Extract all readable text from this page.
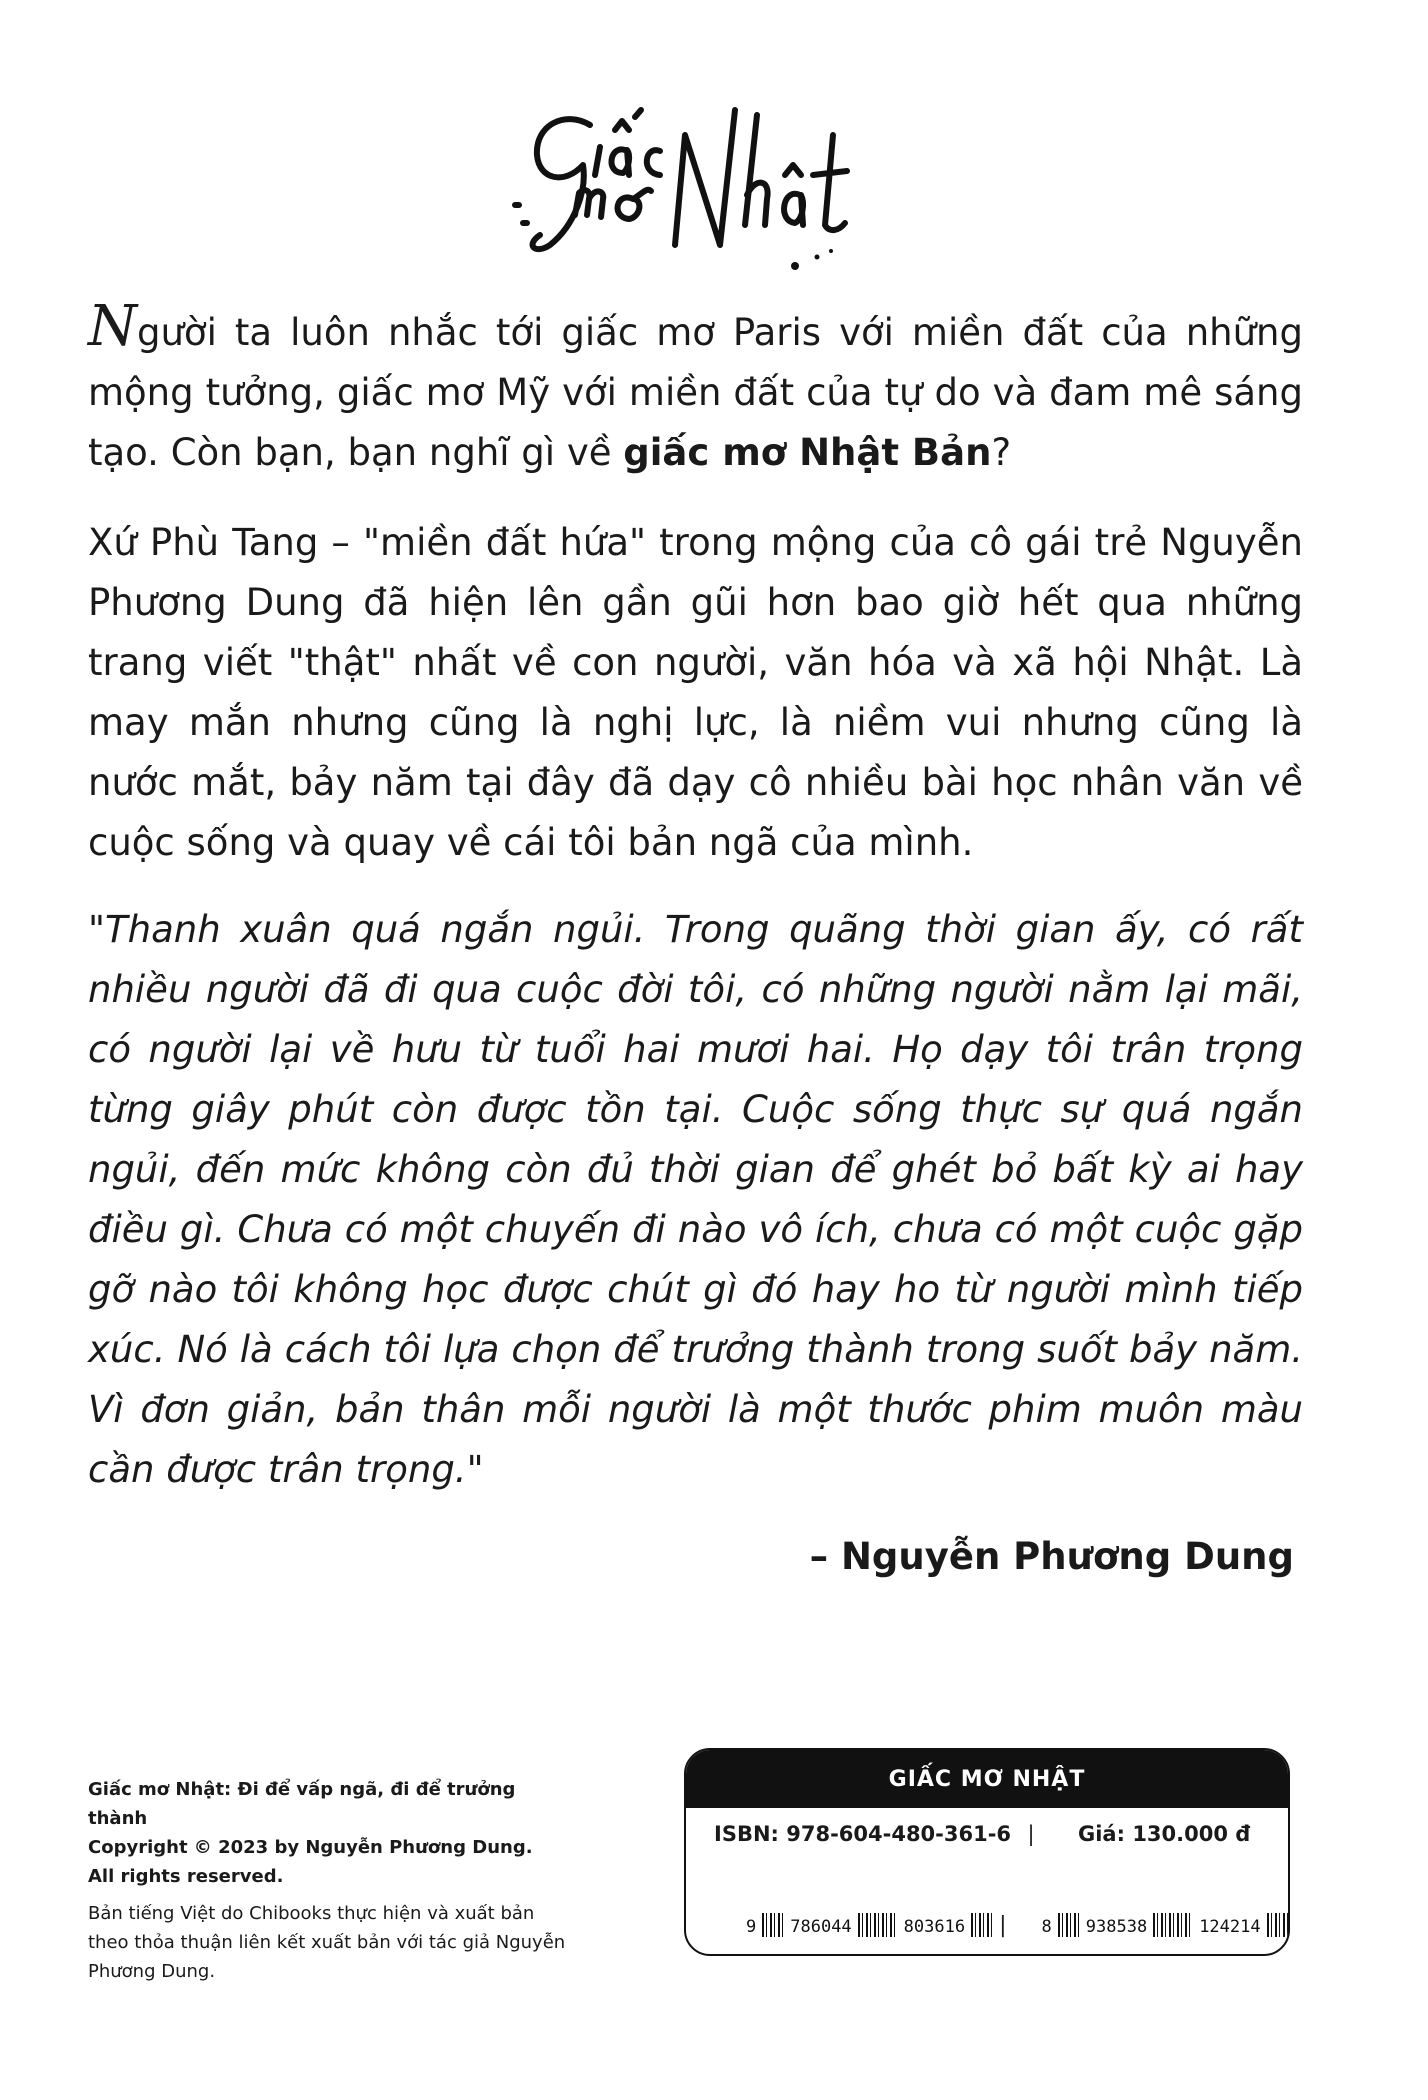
Người ta luôn nhắc tới giấc mơ Paris với miền đất của những mộng tưởng, giấc mơ Mỹ với miền đất của tự do và đam mê sáng tạo. Còn bạn, bạn nghĩ gì về giấc mơ Nhật Bản?

Xứ Phù Tang – "miền đất hứa" trong mộng của cô gái trẻ Nguyễn Phương Dung đã hiện lên gần gũi hơn bao giờ hết qua những trang viết "thật" nhất về con người, văn hóa và xã hội Nhật. Là may mắn nhưng cũng là nghị lực, là niềm vui nhưng cũng là nước mắt, bảy năm tại đây đã dạy cô nhiều bài học nhân văn về cuộc sống và quay về cái tôi bản ngã của mình.

"Thanh xuân quá ngắn ngủi. Trong quãng thời gian ấy, có rất nhiều người đã đi qua cuộc đời tôi, có những người nằm lại mãi, có người lại về hưu từ tuổi hai mươi hai. Họ dạy tôi trân trọng từng giây phút còn được tồn tại. Cuộc sống thực sự quá ngắn ngủi, đến mức không còn đủ thời gian để ghét bỏ bất kỳ ai hay điều gì. Chưa có một chuyến đi nào vô ích, chưa có một cuộc gặp gỡ nào tôi không học được chút gì đó hay ho từ người mình tiếp xúc. Nó là cách tôi lựa chọn để trưởng thành trong suốt bảy năm. Vì đơn giản, bản thân mỗi người là một thước phim muôn màu cần được trân trọng."

– Nguyễn Phương Dung

Giấc mơ Nhật: Đi để vấp ngã, đi để trưởng thành
Copyright © 2023 by Nguyễn Phương Dung.
All rights reserved.
Bản tiếng Việt do Chibooks thực hiện và xuất bản theo thỏa thuận liên kết xuất bản với tác giả Nguyễn Phương Dung.
GIẤC MƠ NHẬT
ISBN: 978-604-480-361-6 |	Giá: 130.000 đ
9 786044	803616 | 8 938538	124214
